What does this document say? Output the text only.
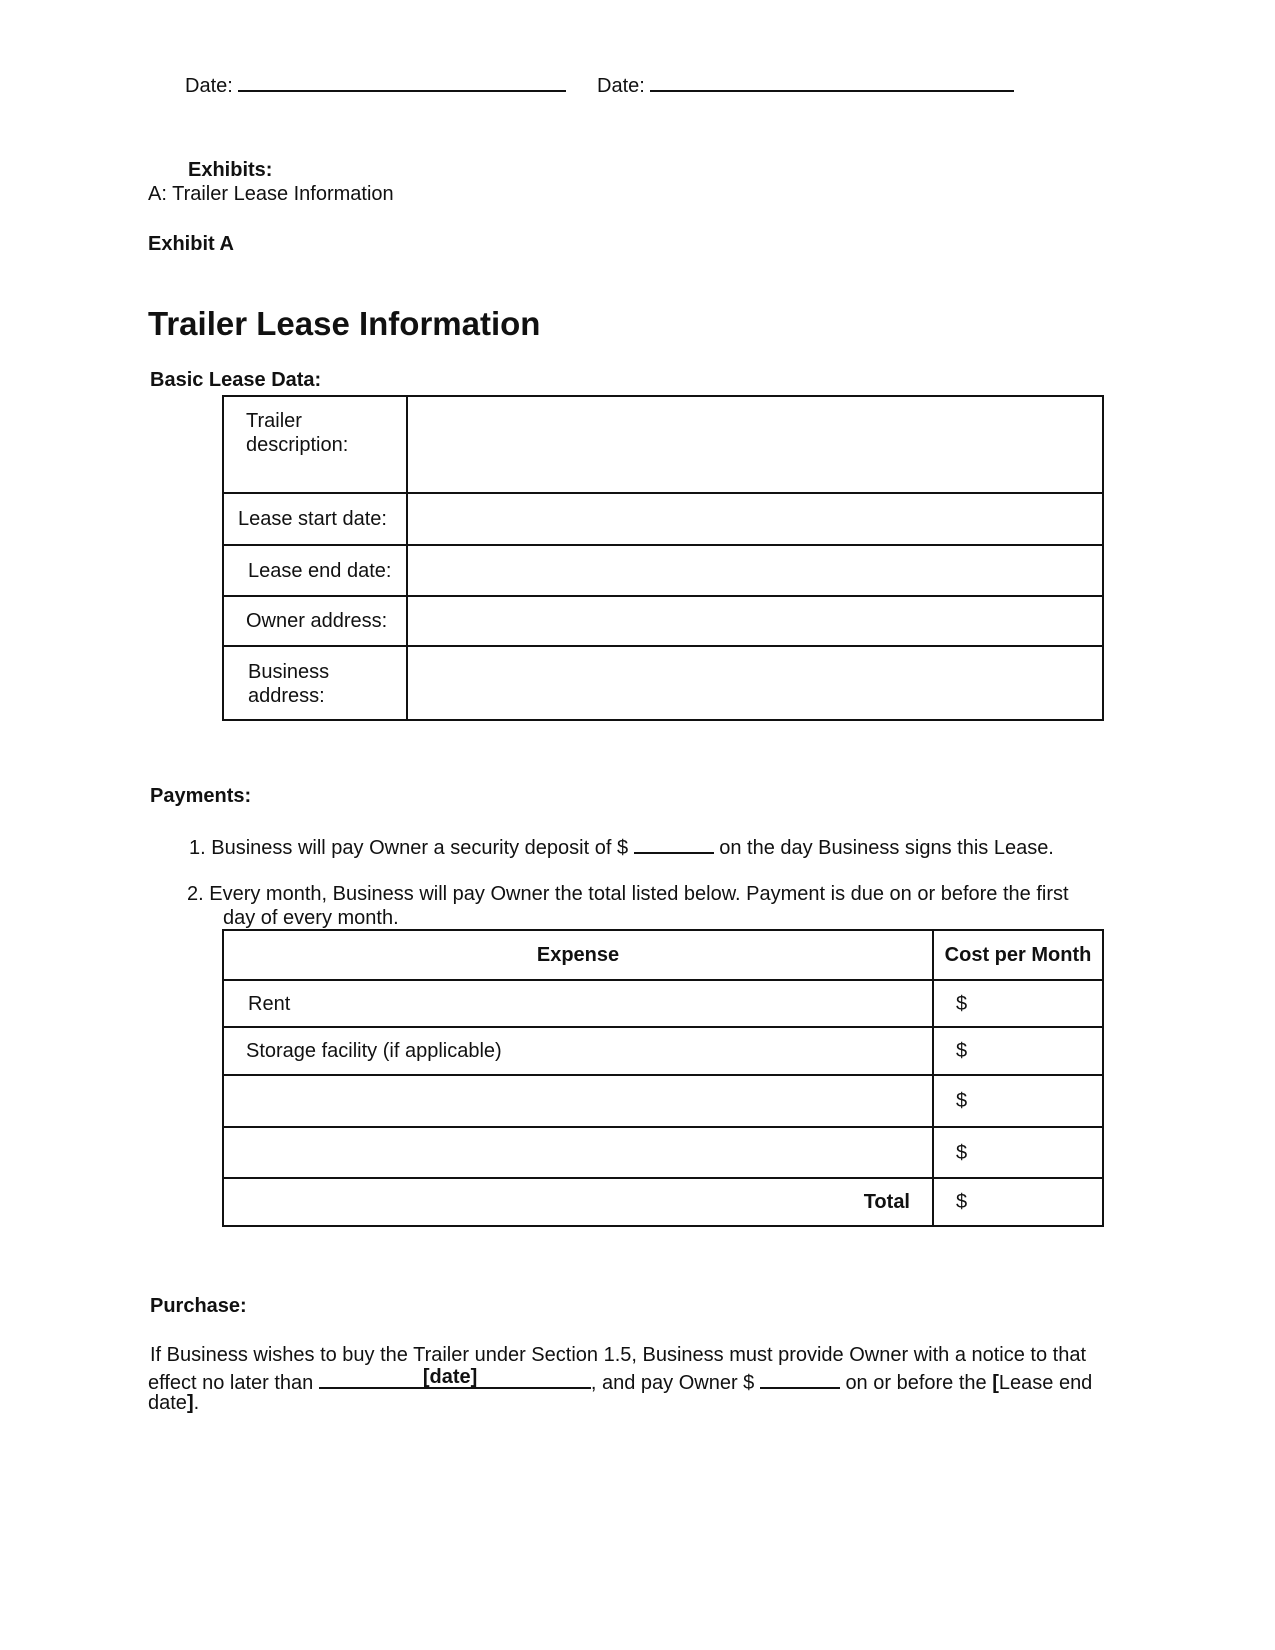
Date:	Date:
Exhibits:
A: Trailer Lease Information
Exhibit A
Trailer Lease Information
Basic Lease Data:
Trailer description:	

Lease start date:	

Lease end date:	

Owner address:	

Business address:	

Payments:
1. Business will pay Owner a security deposit of $	on the day Business signs this Lease.
2. Every month, Business will pay Owner the total listed below. Payment is due on or before the first
day of every month.
Expense	Cost per Month
Rent	$
Storage facility (if applicable)	$
	$
	$
Total	$
Purchase:
If Business wishes to buy the Trailer under Section 1.5, Business must provide Owner with a notice to that
effect no later than	[date]	, and pay Owner $	on or before the [Lease end
date].
